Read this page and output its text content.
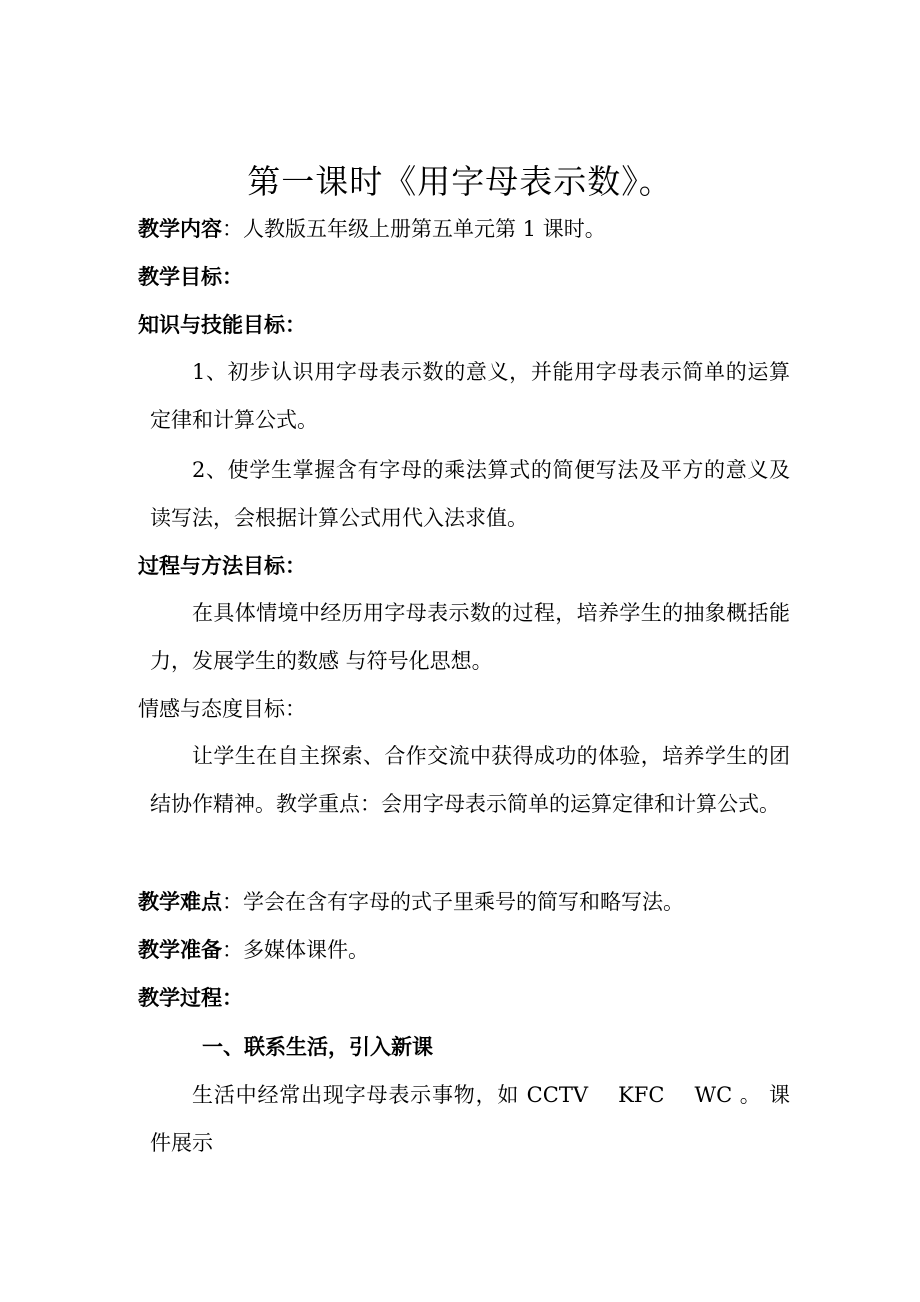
第一课时《用字母表示数》。
教学内容：人教版五年级上册第五单元第 1 课时。
教学目标：
知识与技能目标：
1、初步认识用字母表示数的意义，并能用字母表示简单的运算定律和计算公式。
2、使学生掌握含有字母的乘法算式的简便写法及平方的意义及读写法，会根据计算公式用代入法求值。
过程与方法目标：
在具体情境中经历用字母表示数的过程，培养学生的抽象概括能力，发展学生的数感 与符号化思想。
情感与态度目标：
让学生在自主探索、合作交流中获得成功的体验，培养学生的团结协作精神。教学重点：会用字母表示简单的运算定律和计算公式。
教学难点：学会在含有字母的式子里乘号的简写和略写法。
教学准备：多媒体课件。
教学过程：
一、联系生活，引入新课
生活中经常出现字母表示事物，如 CCTV　 KFC　 WC 。 课件展示
